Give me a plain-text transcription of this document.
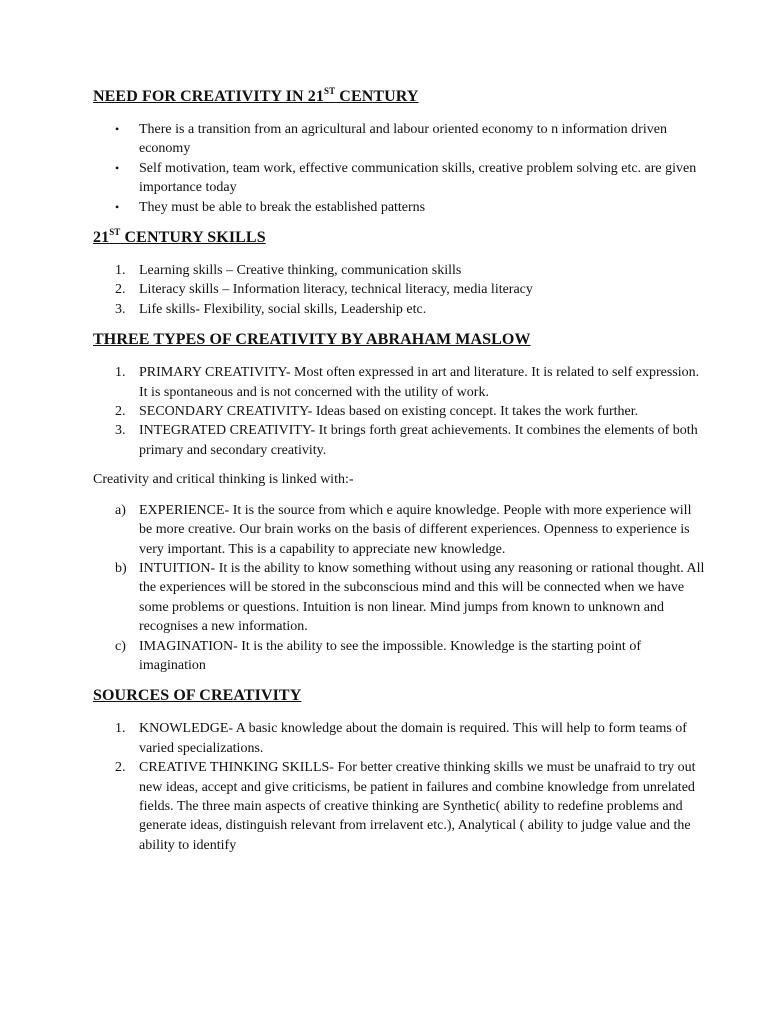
NEED FOR CREATIVITY IN 21ST CENTURY
•	There is a transition from an agricultural and labour oriented economy to n information driven economy
•	Self motivation, team work, effective communication skills, creative problem solving etc. are given importance today
•	They must be able to break the established patterns
21ST CENTURY SKILLS
1. Learning skills – Creative thinking, communication skills
2. Literacy skills – Information literacy, technical literacy, media literacy
3. Life skills- Flexibility, social skills, Leadership etc.
THREE TYPES OF CREATIVITY BY ABRAHAM MASLOW
1. PRIMARY CREATIVITY- Most often expressed in art and literature. It is related to self expression. It is spontaneous and is not concerned with the utility of work.
2. SECONDARY CREATIVITY- Ideas based on existing concept. It takes the work further.
3. INTEGRATED CREATIVITY- It brings forth great achievements. It combines the elements of both primary and secondary creativity.

Creativity and critical thinking is linked with:-

a) EXPERIENCE- It is the source from which e aquire knowledge. People with more experience will be more creative. Our brain works on the basis of different experiences. Openness to experience is very important. This is a capability to appreciate new knowledge.
b) INTUITION- It is the ability to know something without using any reasoning or rational thought. All the experiences will be stored in the subconscious mind and this will be connected when we have some problems or questions. Intuition is non linear. Mind jumps from known to unknown and recognises a new information.
c) IMAGINATION- It is the ability to see the impossible. Knowledge is the starting point of imagination
SOURCES OF CREATIVITY
1. KNOWLEDGE- A basic knowledge about the domain is required. This will help to form teams of varied specializations.
2. CREATIVE THINKING SKILLS- For better creative thinking skills we must be unafraid to try out new ideas, accept and give criticisms, be patient in failures and combine knowledge from unrelated fields. The three main aspects of creative thinking are Synthetic( ability to redefine problems and generate ideas, distinguish relevant from irrelavent etc.), Analytical ( ability to judge value and the ability to identify
